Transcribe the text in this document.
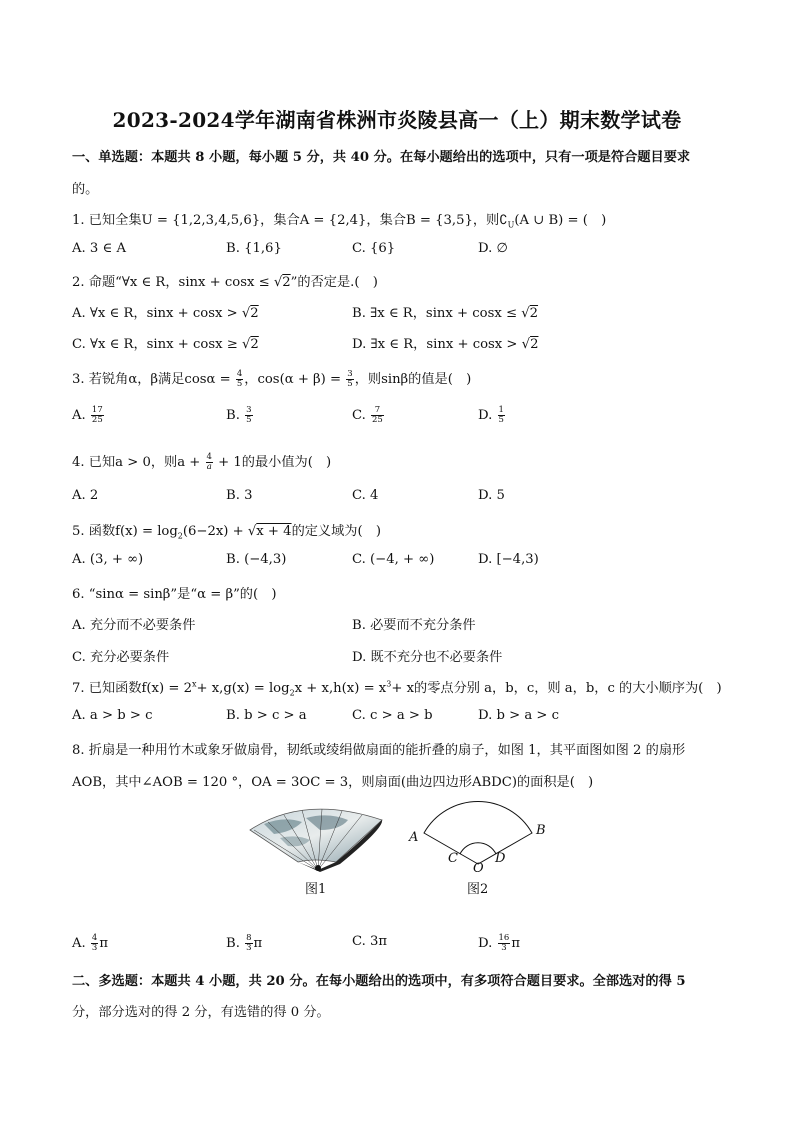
2023-2024学年湖南省株洲市炎陵县高一（上）期末数学试卷
一、单选题：本题共 8 小题，每小题 5 分，共 40 分。在每小题给出的选项中，只有一项是符合题目要求
的。
1. 已知全集U = {1,2,3,4,5,6}，集合A = {2,4}，集合B = {3,5}，则$∁_U(A$ ∪ B) = (　)
A. 3 ∈ A	B. {1,6}	C. {6}	D. ∅
2. 命题“∀x ∈ R，sinx + cosx ≤ √2”的否定是.(　)
A. ∀x ∈ R，sinx + cosx > √2	B. ∃x ∈ R，sinx + cosx ≤ √2
C. ∀x ∈ R，sinx + cosx ≥ √2	D. ∃x ∈ R，sinx + cosx > √2
3. 若锐角α，β满足$\cos\alpha = \frac{4}{5}$ ，$\cos(\alpha + \beta) = \frac{3}{5}$ ，则sinβ的值是(　)
A. $\frac{17}{25}$	B. $\frac{3}{5}$	C. $\frac{7}{25}$	D. $\frac{1}{5}$
4. 已知a > 0，则$a + \frac{4}{a} + 1$的最小值为(　)
A. 2	B. 3	C. 4	D. 5
5. 函数$f(x) = \log_2(6-2x) + √x + 4$的定义域为(　)
A. (3, + ∞)	B. (−4,3)	C. (−4, + ∞)	D. [−4,3)
6. “sinα = sinβ”是“α = β”的(　)
A. 充分而不必要条件	B. 必要而不充分条件
C. 充分必要条件	D. 既不充分也不必要条件
7. 已知函数$f(x) = 2^x+ x,g(x) = \log_2x + x,h(x) = x^3+ x$的零点分别 a，b，c，则 a，b，c 的大小顺序为(　)
A. a > b > c	B. b > c > a	C. c > a > b	D. b > a > c
8. 折扇是一种用竹木或象牙做扇骨，韧纸或绫绢做扇面的能折叠的扇子，如图 1，其平面图如图 2 的扇形
AOB，其中∠AOB = 120 °，OA = 3OC = 3，则扇面(曲边四边形ABDC)的面积是(　)
图1
A	B
C	D
O
图2
A. $\frac{4}{3}$ π	B. $\frac{8}{3}$ π	C. 3π	D. $\frac{16}{3}$ π
二、多选题：本题共 4 小题，共 20 分。在每小题给出的选项中，有多项符合题目要求。全部选对的得 5
分，部分选对的得 2 分，有选错的得 0 分。
